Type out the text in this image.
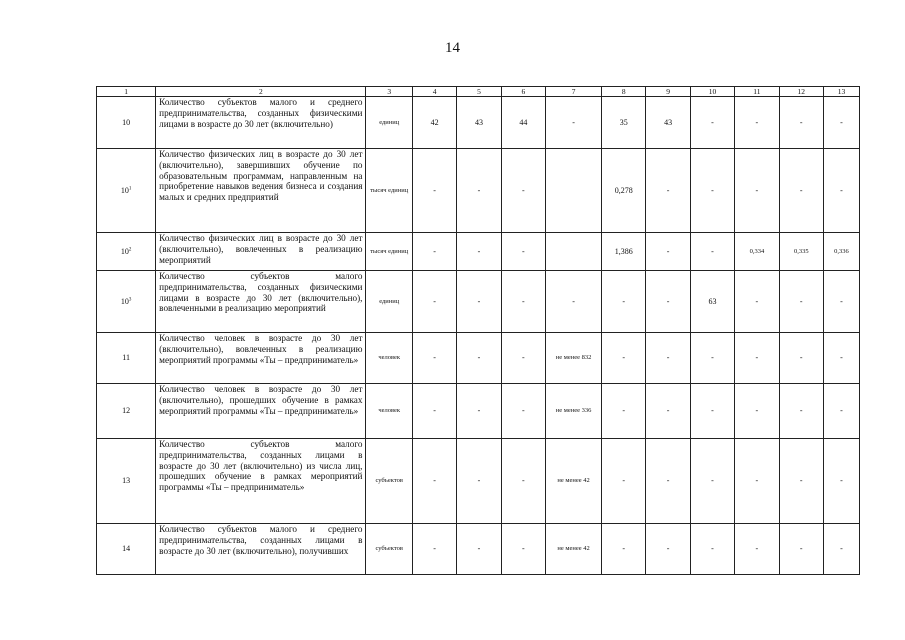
14
1	2	3	4	5	6	7	8	9	10	11	12	13
10	Количество субъектов малого и среднего предпринимательства, созданных физическими лицами в возрасте до 30 лет (включительно)	единиц	42	43	44	-	35	43	-	-	-	-
$10^1$	Количество физических лиц в возрасте до 30 лет (включительно), завершивших обучение по образовательным программам, направленным на приобретение навыков ведения бизнеса и создания малых и средних предприятий	тысяч единиц	-	-	-		0,278	-	-	-	-	-
$10^2$	Количество физических лиц в возрасте до 30 лет (включительно), вовлеченных в реализацию мероприятий	тысяч единиц	-	-	-		1,386	-	-	0,334	0,335	0,336
$10^3$	Количество субъектов малого предпринимательства, созданных физическими лицами в возрасте до 30 лет (включительно), вовлеченными в реализацию мероприятий	единиц	-	-	-	-	-	-	63	-	-	-
11	Количество человек в возрасте до 30 лет (включительно), вовлеченных в реализацию мероприятий программы «Ты – предприниматель»	человек	-	-	-	не менее 832	-	-	-	-	-	-
12	Количество человек в возрасте до 30 лет (включительно), прошедших обучение в рамках мероприятий программы «Ты – предприниматель»	человек	-	-	-	не менее 336	-	-	-	-	-	-
13	Количество субъектов малого предпринимательства, созданных лицами в возрасте до 30 лет (включительно) из числа лиц, прошедших обучение в рамках мероприятий программы «Ты – предприниматель»	субъектов	-	-	-	не менее 42	-	-	-	-	-	-
14	Количество субъектов малого и среднего предпринимательства, созданных лицами в возрасте до 30 лет (включительно), получивших	субъектов	-	-	-	не менее 42	-	-	-	-	-	-
